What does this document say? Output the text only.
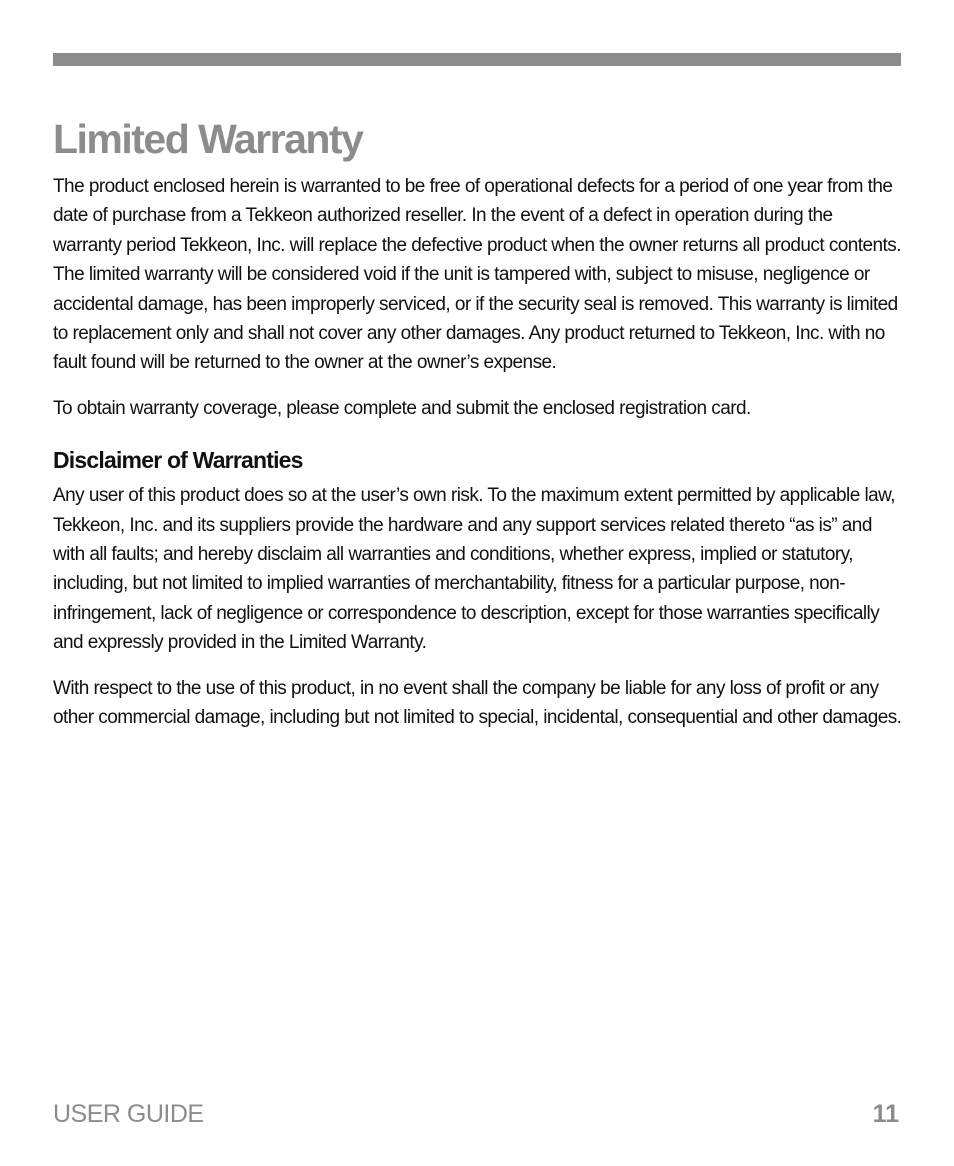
Limited Warranty

The product enclosed herein is warranted to be free of operational defects for a period of one year from the date of purchase from a Tekkeon authorized reseller. In the event of a defect in operation during the warranty period Tekkeon, Inc. will replace the defective product when the owner returns all product contents. The limited warranty will be considered void if the unit is tampered with, subject to misuse, negligence or accidental damage, has been improperly serviced, or if the security seal is removed. This warranty is limited to replacement only and shall not cover any other damages. Any product returned to Tekkeon, Inc. with no fault found will be returned to the owner at the owner’s expense.

To obtain warranty coverage, please complete and submit the enclosed registration card.

Disclaimer of Warranties

Any user of this product does so at the user’s own risk. To the maximum extent permitted by applicable law, Tekkeon, Inc. and its suppliers provide the hardware and any support services related thereto “as is” and with all faults; and hereby disclaim all warranties and conditions, whether express, implied or statutory, including, but not limited to implied warranties of merchantability, fitness for a particular purpose, non-infringement, lack of negligence or correspondence to description, except for those warranties specifically and expressly provided in the Limited Warranty.

With respect to the use of this product, in no event shall the company be liable for any loss of profit or any other commercial damage, including but not limited to special, incidental, consequential and other damages.

USER GUIDE	11
